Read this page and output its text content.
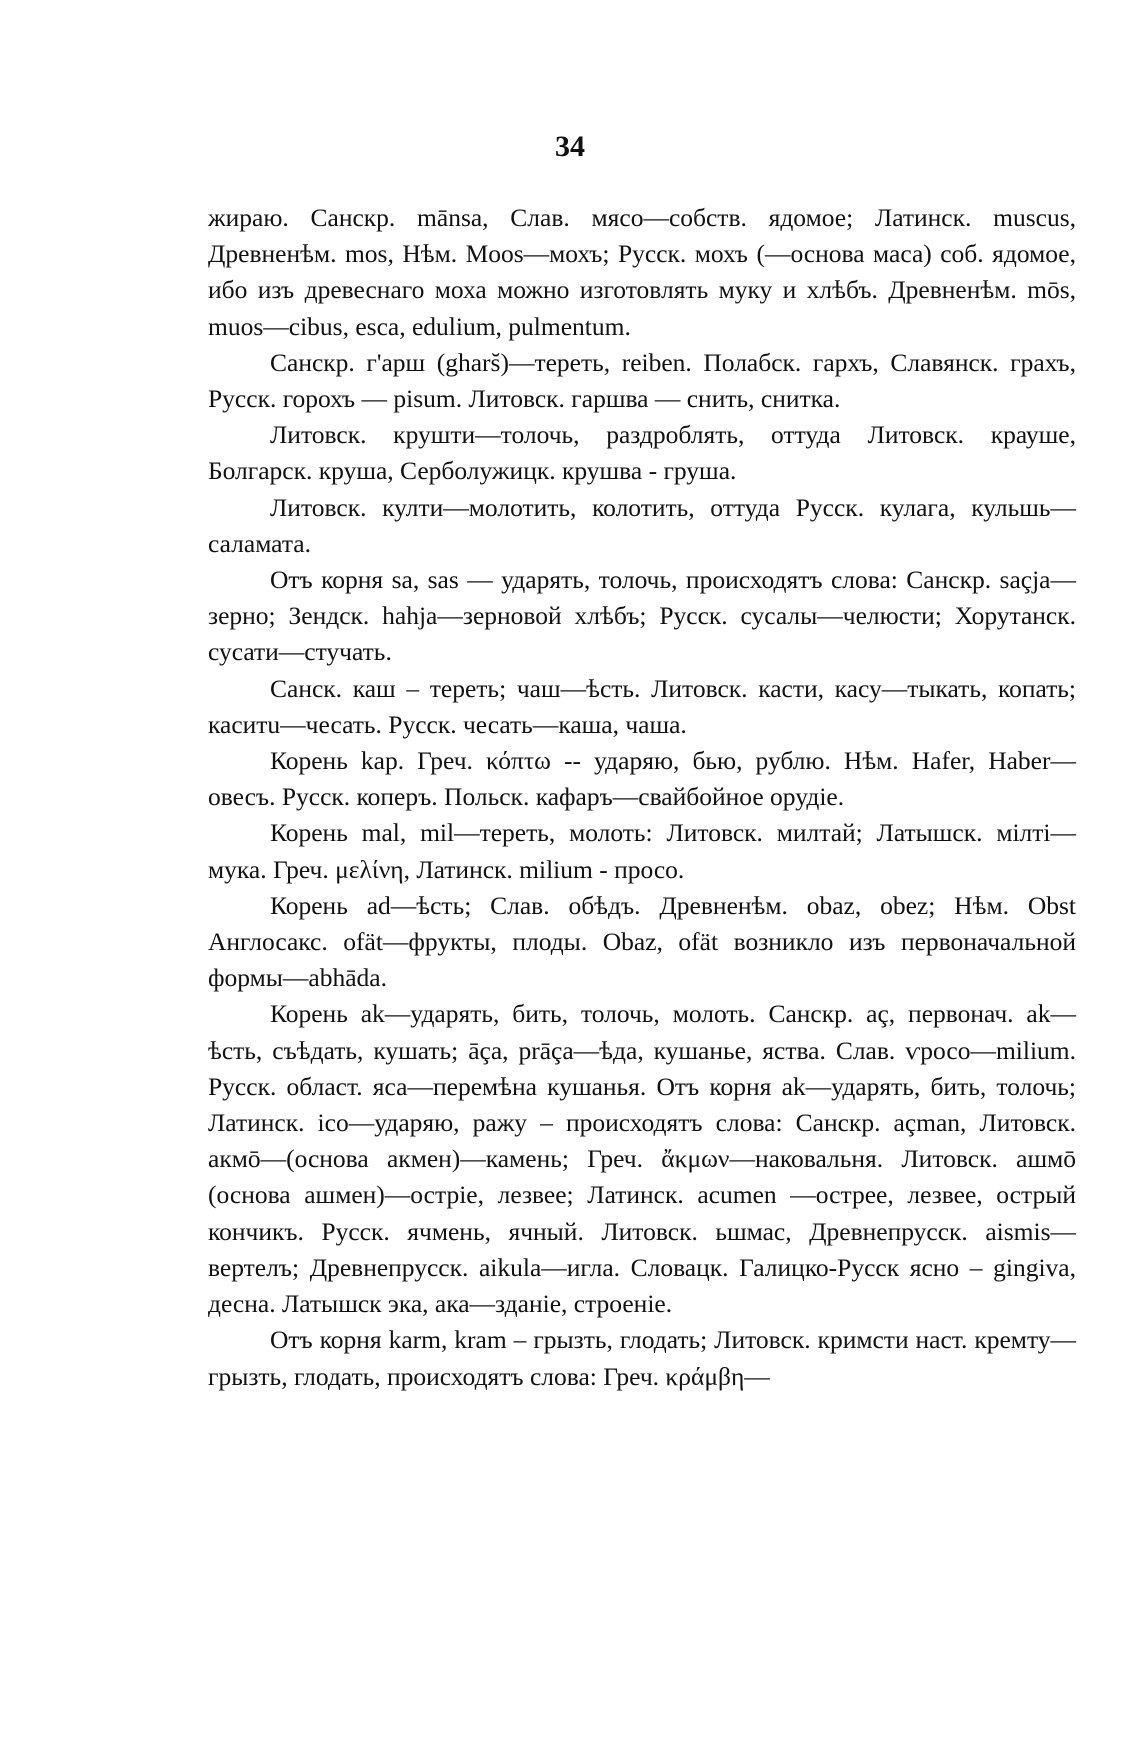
34

жираю. Санскр. mānsa, Слав. мясо—собств. ядомое; Латинск. muscus, Древненѣм. mos, Нѣм. Moos—мохъ; Русск. мохъ (—основа маса) соб. ядомое, ибо изъ древеснаго моха можно изготовлять муку и хлѣбъ. Древненѣм. mōs, muos—cibus, esca, edulium, pulmentum.

Санскр. г'арш (ghars̆)—тереть, reiben. Полабск. гархъ, Славянск. грахъ, Русск. горохъ — pisum. Литовск. гаршва — снить, снитка.

Литовск. крушти—толочь, раздроблять, оттуда Литовск. крауше, Болгарск. круша, Серболужицк. крушва - груша.

Литовск. култи—молотить, колотить, оттуда Русск. кулага, кульшь—саламата.

Отъ корня sa, sas — ударять, толочь, происходятъ слова: Санскр. saçja—зерно; Зендск. hahja—зерновой хлѣбъ; Русск. сусалы—челюсти; Хорутанск. сусати—стучать.

Санск. каш – тереть; чаш—ѣсть. Литовск. касти, касу—тыкать, копать; каситu—чесать. Русск. чесать—каша, чаша.

Корень kap. Греч. κόπτω -- ударяю, бью, рублю. Нѣм. Hafer, Haber—овесъ. Русск. коперъ. Польск. кафаръ—свайбойное орудіе.

Корень mal, mil—тереть, молоть: Литовск. милтай; Латышск. мілті—мука. Греч. μελίνη, Латинск. milium - просо.

Корень ad—ѣсть; Слав. обѣдъ. Древненѣм. obaz, obez; Нѣм. Obst Англосакс. ofät—фрукты, плоды. Obaz, ofät возникло изъ первоначальной формы—abhāda.

Корень ak—ударять, бить, толочь, молоть. Санскр. aç, первонач. ak—ѣсть, съѣдать, кушать; āçа, prāçа—ѣда, кушанье, яства. Слав. ѵросо—milium. Русск. област. яса—перемѣна кушанья. Отъ корня ak—ударять, бить, толочь; Латинск. ico—ударяю, ражу – происходятъ слова: Санскр. açman, Литовск. акмō—(основа акмен)—камень; Греч. ἄκμων—наковальня. Литовск. ашмō (основа ашмен)—остріе, лезвее; Латинск. acumen —острее, лезвее, острый кончикъ. Русск. ячмень, ячный. Литовск. ьшмас, Древнепрусск. aismis—вертелъ; Древнепрусск. aikula—игла. Словацк. Галицко-Русск ясно – gingiva, десна. Латышск эка, ака—зданіе, строеніе.

Отъ корня karm, kram – грызть, глодать; Литовск. кримсти наст. кремту—грызть, глодать, происходятъ слова: Греч. κράμβη—
